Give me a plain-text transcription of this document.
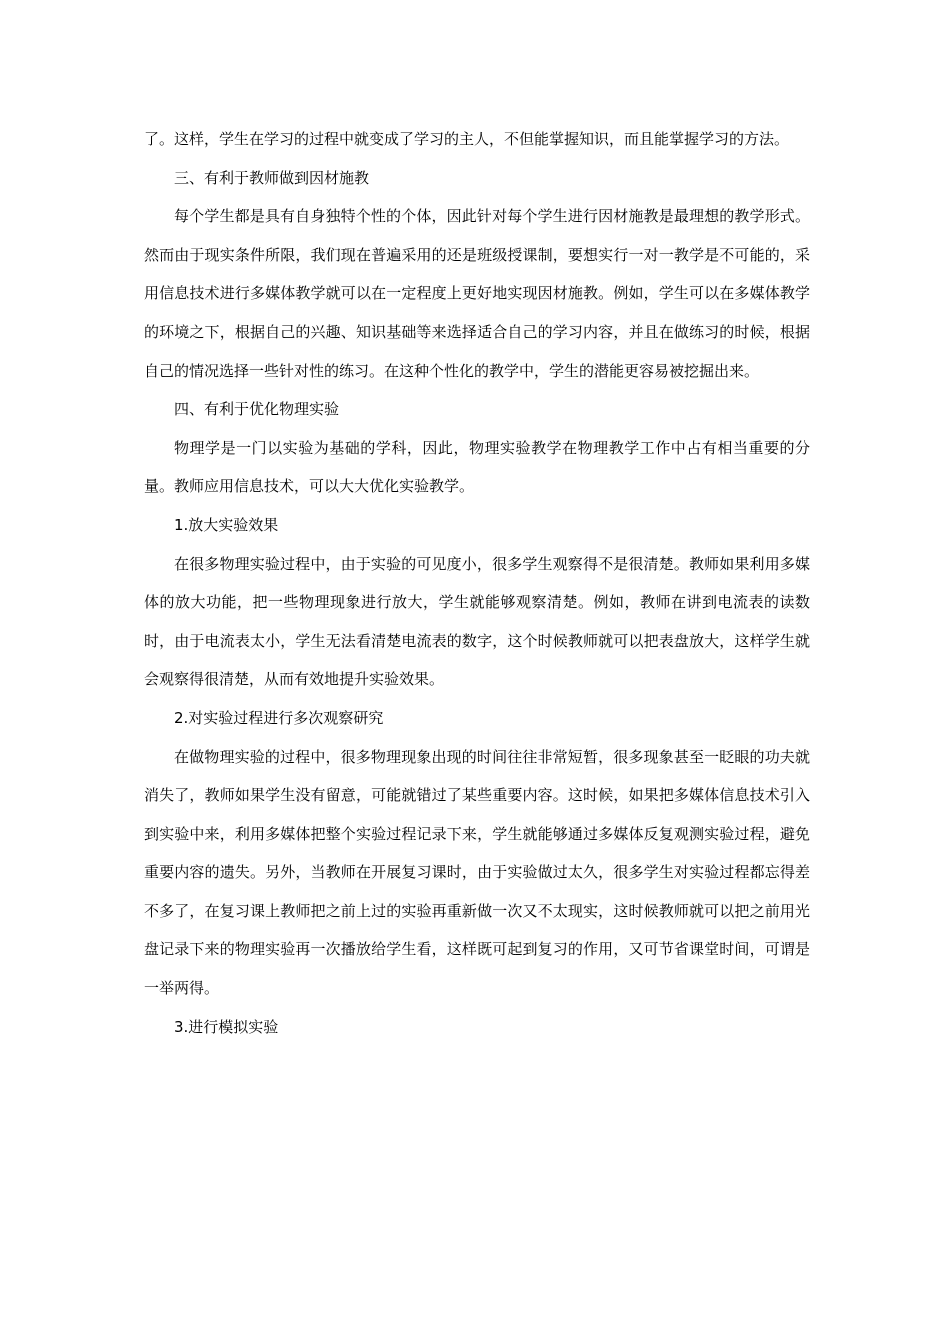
了。这样，学生在学习的过程中就变成了学习的主人，不但能掌握知识，而且能掌握学习的方法。

三、有利于教师做到因材施教

每个学生都是具有自身独特个性的个体，因此针对每个学生进行因材施教是最理想的教学形式。然而由于现实条件所限，我们现在普遍采用的还是班级授课制，要想实行一对一教学是不可能的，采用信息技术进行多媒体教学就可以在一定程度上更好地实现因材施教。例如，学生可以在多媒体教学的环境之下，根据自己的兴趣、知识基础等来选择适合自己的学习内容，并且在做练习的时候，根据自己的情况选择一些针对性的练习。在这种个性化的教学中，学生的潜能更容易被挖掘出来。

四、有利于优化物理实验

物理学是一门以实验为基础的学科，因此，物理实验教学在物理教学工作中占有相当重要的分量。教师应用信息技术，可以大大优化实验教学。

1.放大实验效果

在很多物理实验过程中，由于实验的可见度小，很多学生观察得不是很清楚。教师如果利用多媒体的放大功能，把一些物理现象进行放大，学生就能够观察清楚。例如，教师在讲到电流表的读数时，由于电流表太小，学生无法看清楚电流表的数字，这个时候教师就可以把表盘放大，这样学生就会观察得很清楚，从而有效地提升实验效果。

2.对实验过程进行多次观察研究

在做物理实验的过程中，很多物理现象出现的时间往往非常短暂，很多现象甚至一眨眼的功夫就消失了，教师如果学生没有留意，可能就错过了某些重要内容。这时候，如果把多媒体信息技术引入到实验中来，利用多媒体把整个实验过程记录下来，学生就能够通过多媒体反复观测实验过程，避免重要内容的遗失。另外，当教师在开展复习课时，由于实验做过太久，很多学生对实验过程都忘得差不多了，在复习课上教师把之前上过的实验再重新做一次又不太现实，这时候教师就可以把之前用光盘记录下来的物理实验再一次播放给学生看，这样既可起到复习的作用，又可节省课堂时间，可谓是一举两得。

3.进行模拟实验
